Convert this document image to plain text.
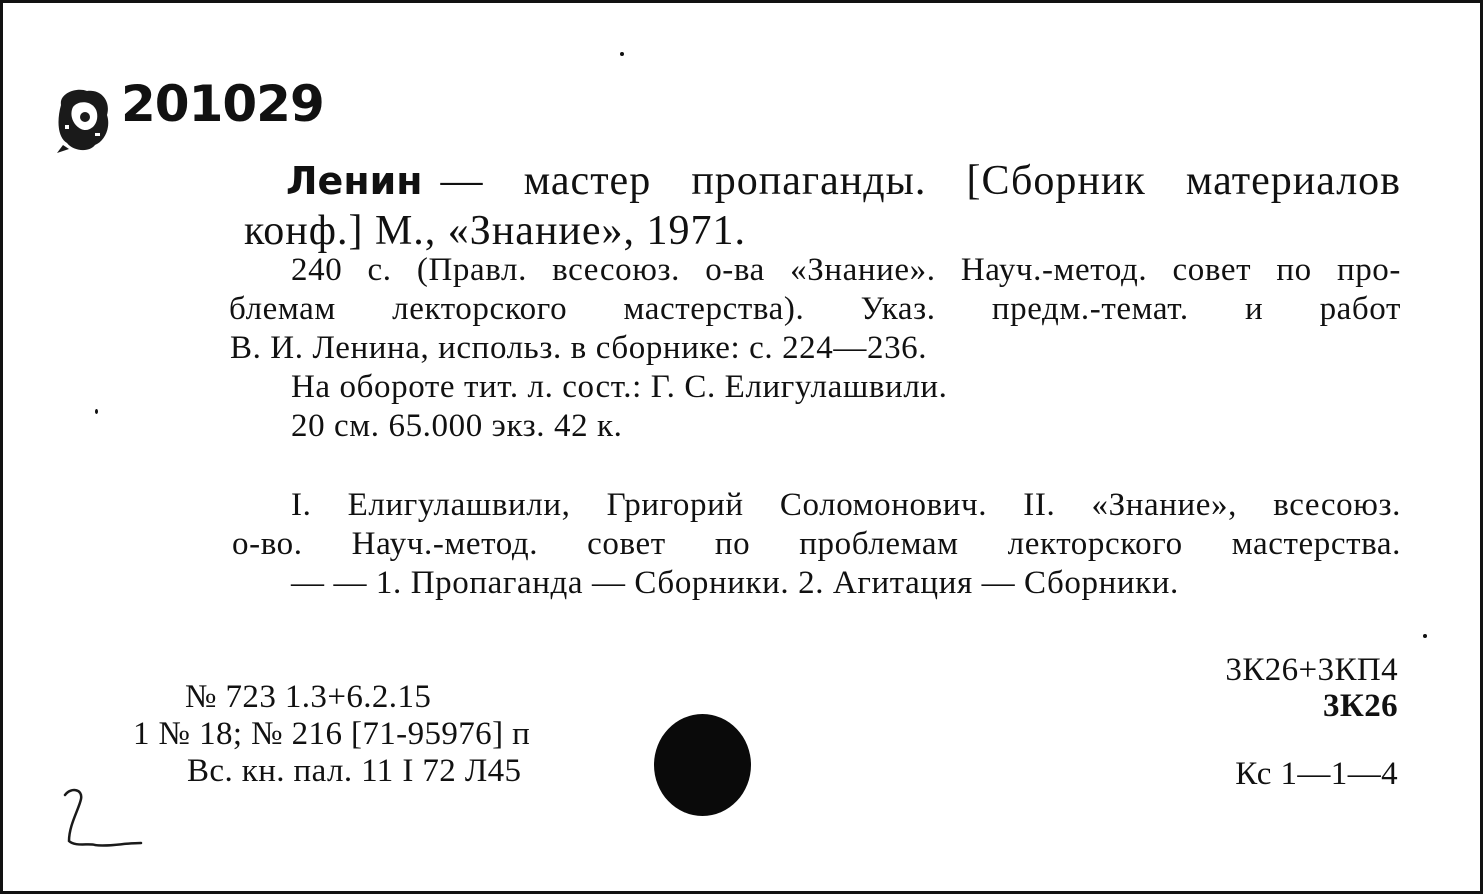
201029
Ленин — мастер пропаганды. [Сборник материалов
конф.] М., «Знание», 1971.
240 с. (Правл. всесоюз. о-ва «Знание». Науч.-метод. совет по про-
блемам лекторского мастерства). Указ. предм.-темат. и работ
В. И. Ленина, использ. в сборнике: с. 224—236.
На обороте тит. л. сост.: Г. С. Елигулашвили.
20 см. 65.000 экз. 42 к.
I. Елигулашвили, Григорий Соломонович. II. «Знание», всесоюз.
о-во. Науч.-метод. совет по проблемам лекторского мастерства.
— — 1. Пропаганда — Сборники. 2. Агитация — Сборники.
№ 723 1.3+6.2.15
1 № 18; № 216 [71-95976] п
Вс. кн. пал. 11 I 72 Л45
3К26+3КП4
3К26
Кс 1—1—4
